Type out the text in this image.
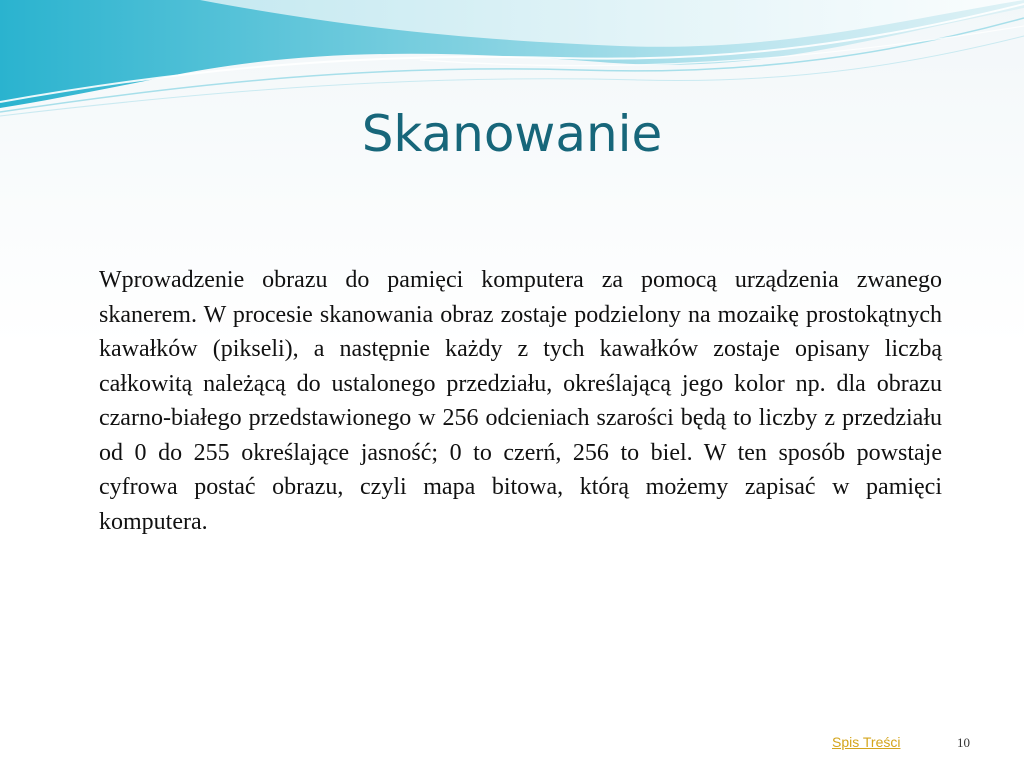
Skanowanie
Wprowadzenie obrazu do pamięci komputera za pomocą urządzenia zwanego skanerem. W procesie skanowania obraz zostaje podzielony na mozaikę prostokątnych kawałków (pikseli), a następnie każdy z tych kawałków zostaje opisany liczbą całkowitą należącą do ustalonego przedziału, określającą jego kolor np. dla obrazu czarno-białego przedstawionego w 256 odcieniach szarości będą to liczby z przedziału od 0 do 255 określające jasność; 0 to czerń, 256 to biel. W ten sposób powstaje cyfrowa postać obrazu, czyli mapa bitowa, którą możemy zapisać w pamięci komputera.
Spis Treści	10
